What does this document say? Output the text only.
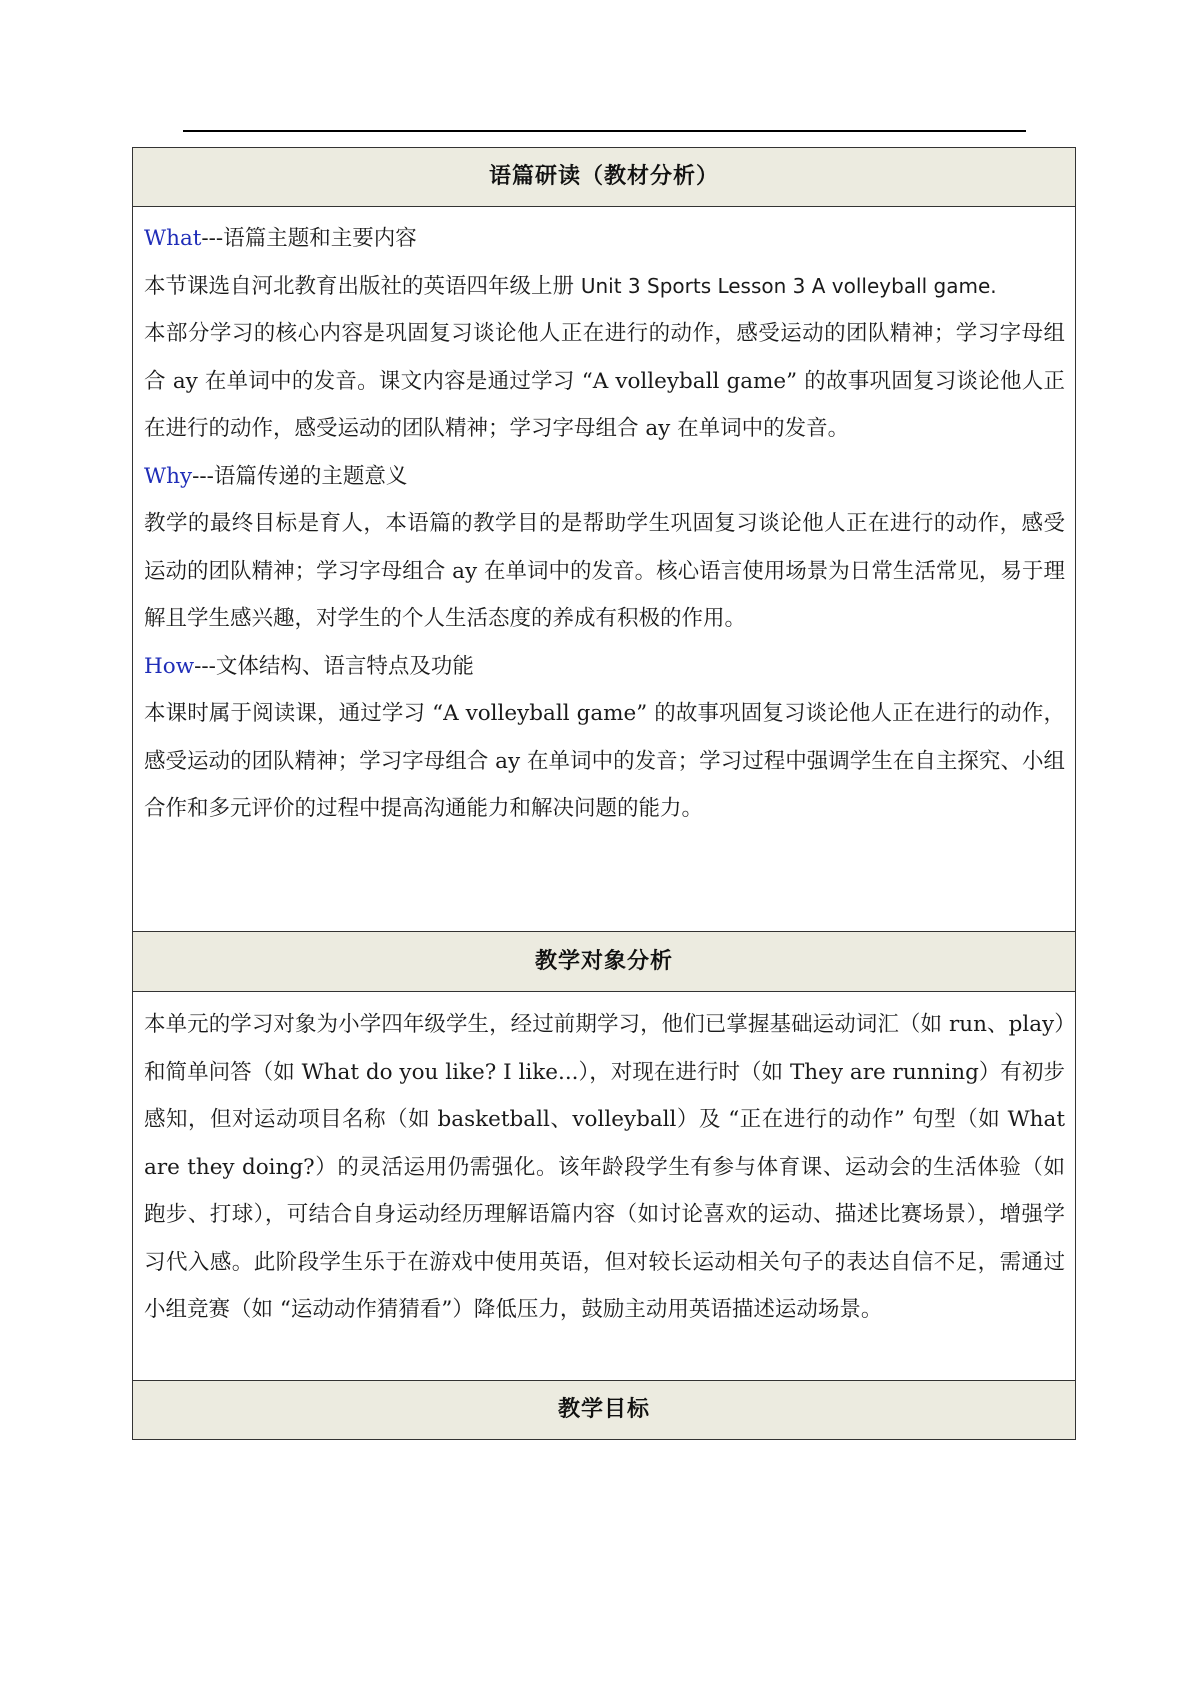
语篇研读（教材分析）

What---语篇主题和主要内容

本节课选自河北教育出版社的英语四年级上册 Unit 3 Sports Lesson 3 A volleyball game.

本部分学习的核心内容是巩固复习谈论他人正在进行的动作，感受运动的团队精神；学习字母组合 ay 在单词中的发音。课文内容是通过学习 “A volleyball game” 的故事巩固复习谈论他人正在进行的动作，感受运动的团队精神；学习字母组合 ay 在单词中的发音。

Why---语篇传递的主题意义

教学的最终目标是育人，本语篇的教学目的是帮助学生巩固复习谈论他人正在进行的动作，感受运动的团队精神；学习字母组合 ay 在单词中的发音。核心语言使用场景为日常生活常见，易于理解且学生感兴趣，对学生的个人生活态度的养成有积极的作用。

How---文体结构、语言特点及功能

本课时属于阅读课，通过学习 “A volleyball game” 的故事巩固复习谈论他人正在进行的动作，感受运动的团队精神；学习字母组合 ay 在单词中的发音；学习过程中强调学生在自主探究、小组合作和多元评价的过程中提高沟通能力和解决问题的能力。

教学对象分析

本单元的学习对象为小学四年级学生，经过前期学习，他们已掌握基础运动词汇（如 run、play）和简单问答（如 What do you like? I like...），对现在进行时（如 They are running）有初步感知，但对运动项目名称（如 basketball、volleyball）及 “正在进行的动作” 句型（如 What are they doing?）的灵活运用仍需强化。该年龄段学生有参与体育课、运动会的生活体验（如跑步、打球），可结合自身运动经历理解语篇内容（如讨论喜欢的运动、描述比赛场景），增强学习代入感。此阶段学生乐于在游戏中使用英语，但对较长运动相关句子的表达自信不足，需通过小组竞赛（如 “运动动作猜猜看”）降低压力，鼓励主动用英语描述运动场景。

教学目标
